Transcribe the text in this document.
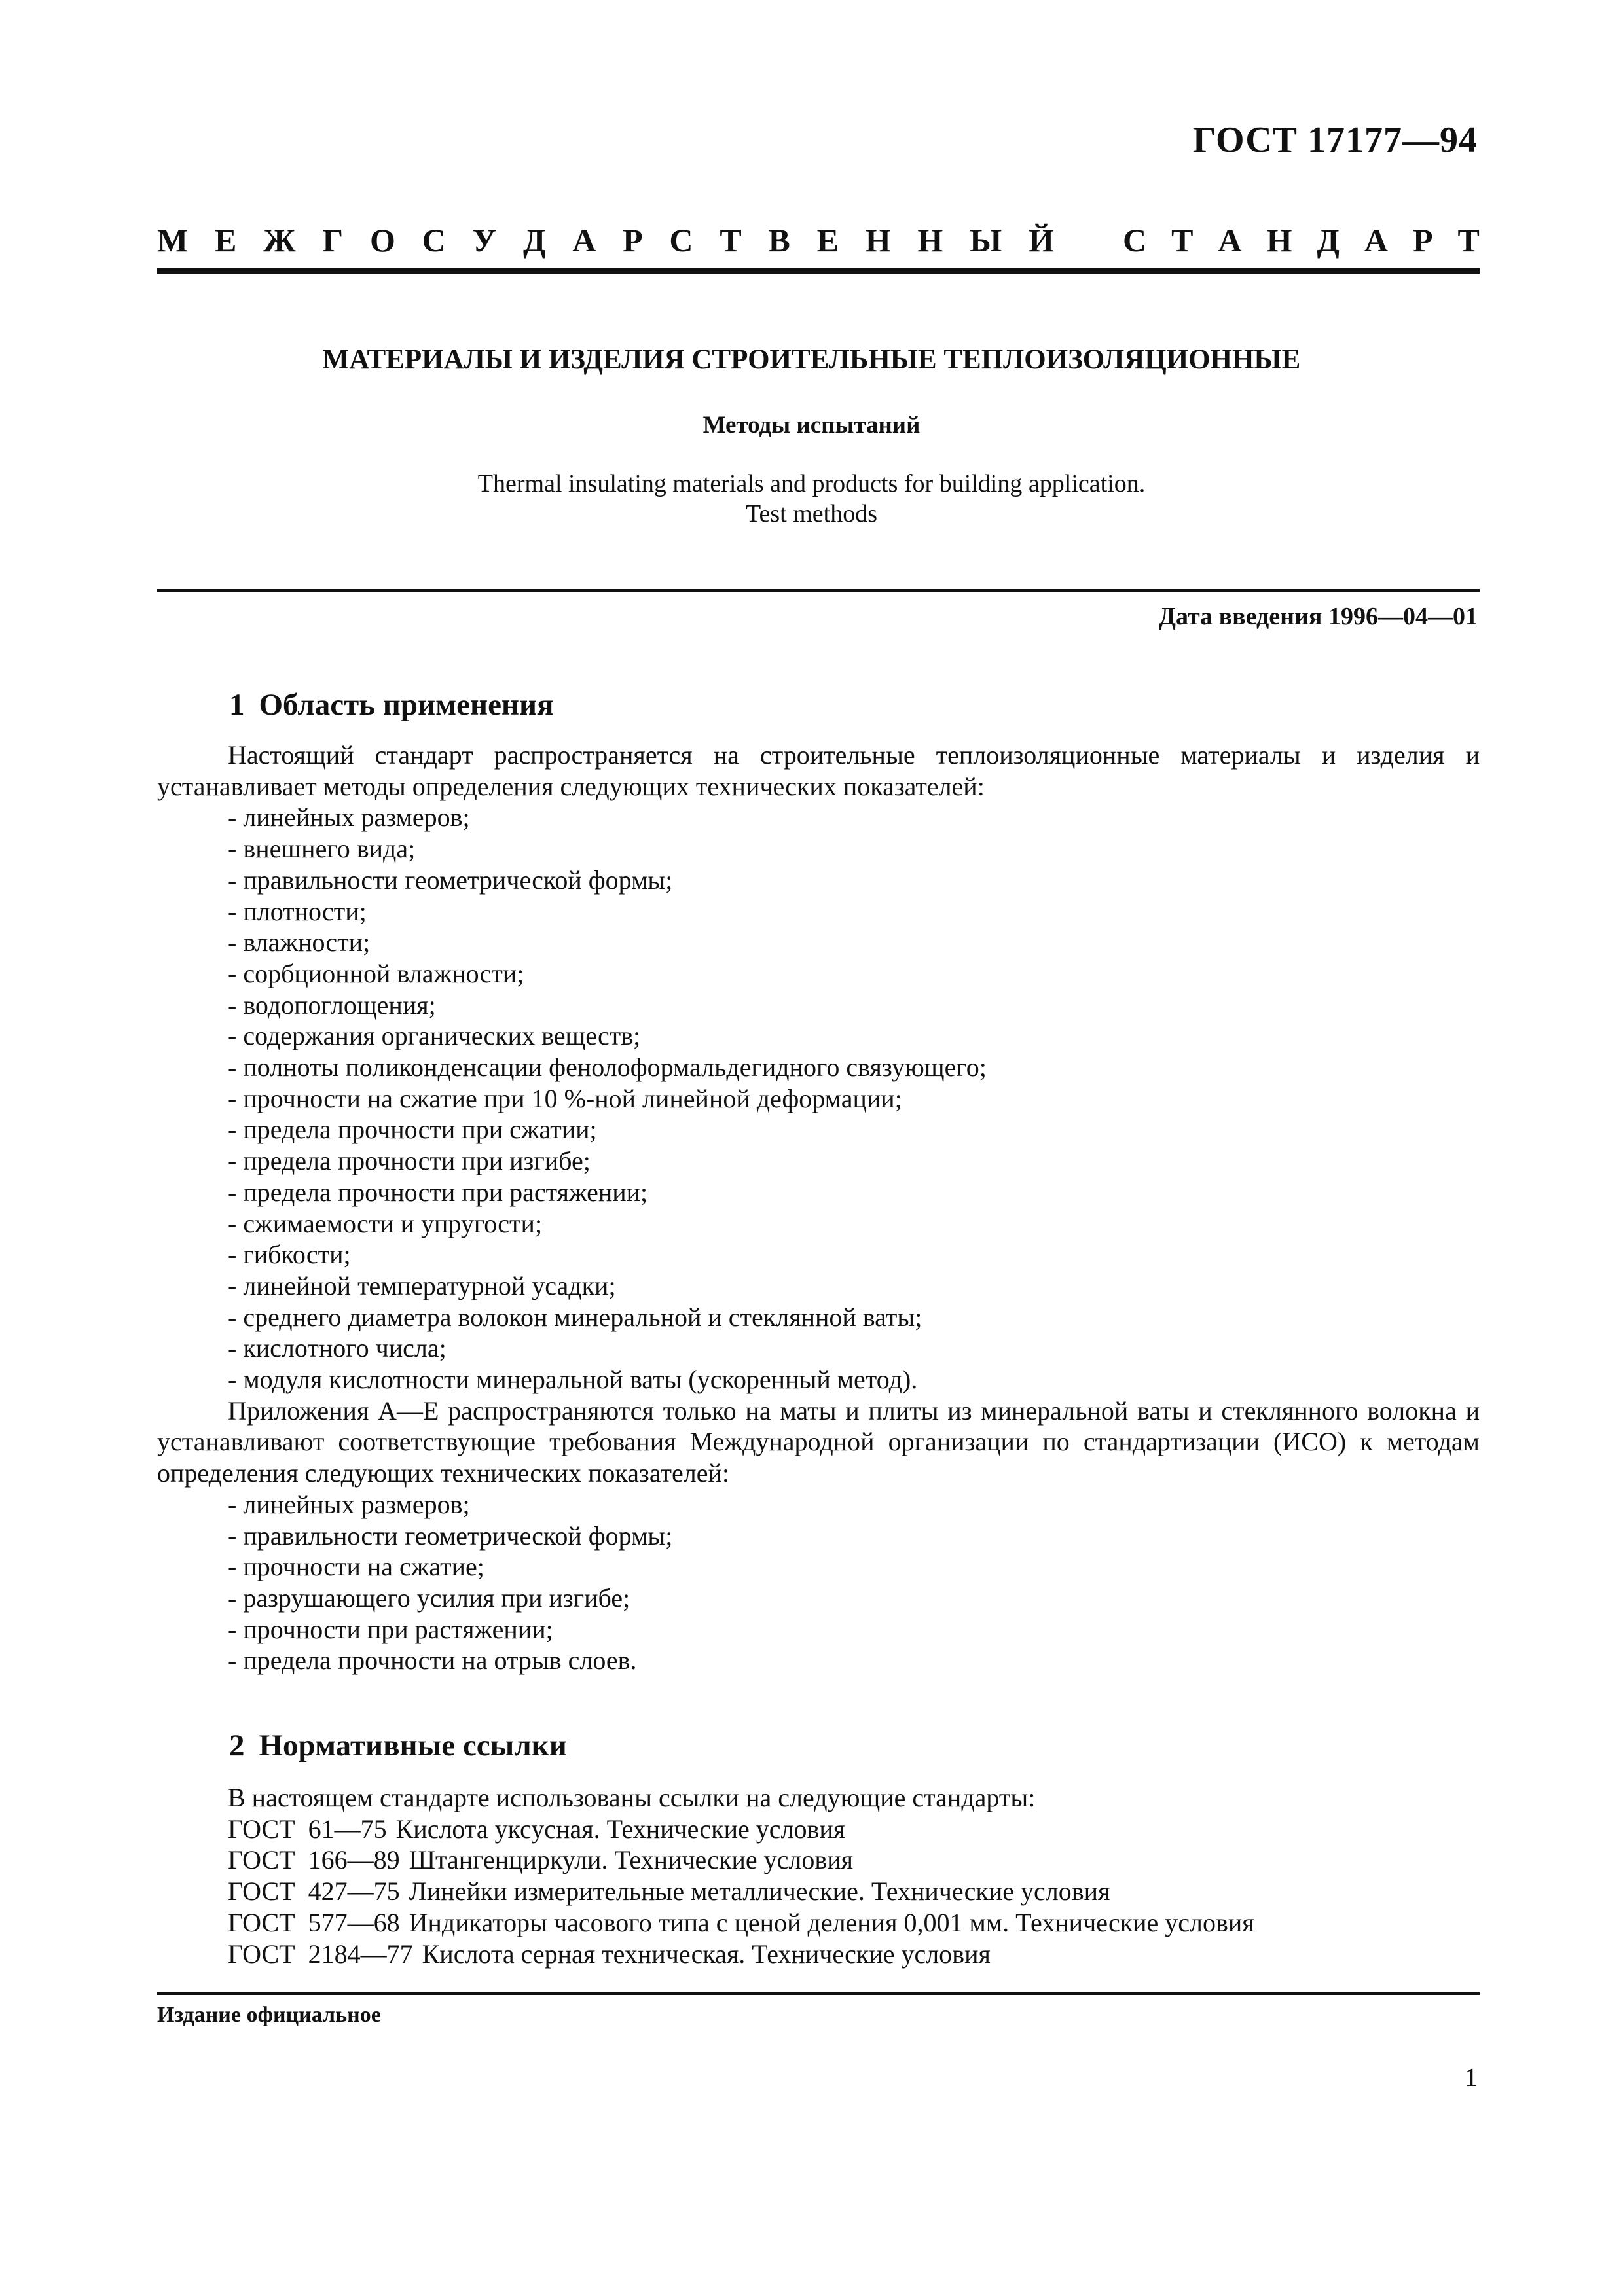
ГОСТ 17177—94
М Е Ж Г О С У Д А Р С Т В Е Н Н Ы Й С Т А Н Д А Р Т
МАТЕРИАЛЫ И ИЗДЕЛИЯ СТРОИТЕЛЬНЫЕ ТЕПЛОИЗОЛЯЦИОННЫЕ
Методы испытаний
Thermal insulating materials and products for building application.
Test methods
Дата введения 1996—04—01
1 Область применения

Настоящий стандарт распространяется на строительные теплоизоляционные материалы и изделия и устанавливает методы определения следующих технических показателей:

- линейных размеров;
- внешнего вида;
- правильности геометрической формы;
- плотности;
- влажности;
- сорбционной влажности;
- водопоглощения;
- содержания органических веществ;
- полноты поликонденсации фенолоформальдегидного связующего;
- прочности на сжатие при 10 %-ной линейной деформации;
- предела прочности при сжатии;
- предела прочности при изгибе;
- предела прочности при растяжении;
- сжимаемости и упругости;
- гибкости;
- линейной температурной усадки;
- среднего диаметра волокон минеральной и стеклянной ваты;
- кислотного числа;
- модуля кислотности минеральной ваты (ускоренный метод).

Приложения А—Е распространяются только на маты и плиты из минеральной ваты и стеклянного волокна и устанавливают соответствующие требования Международной организации по стандартизации (ИСО) к методам определения следующих технических показателей:

- линейных размеров;
- правильности геометрической формы;
- прочности на сжатие;
- разрушающего усилия при изгибе;
- прочности при растяжении;
- предела прочности на отрыв слоев.
2 Нормативные ссылки
В настоящем стандарте использованы ссылки на следующие стандарты:
ГОСТ  61—75 Кислота уксусная. Технические условия
ГОСТ  166—89 Штангенциркули. Технические условия
ГОСТ  427—75 Линейки измерительные металлические. Технические условия
ГОСТ  577—68 Индикаторы часового типа с ценой деления 0,001 мм. Технические условия
ГОСТ  2184—77 Кислота серная техническая. Технические условия
Издание официальное
1
